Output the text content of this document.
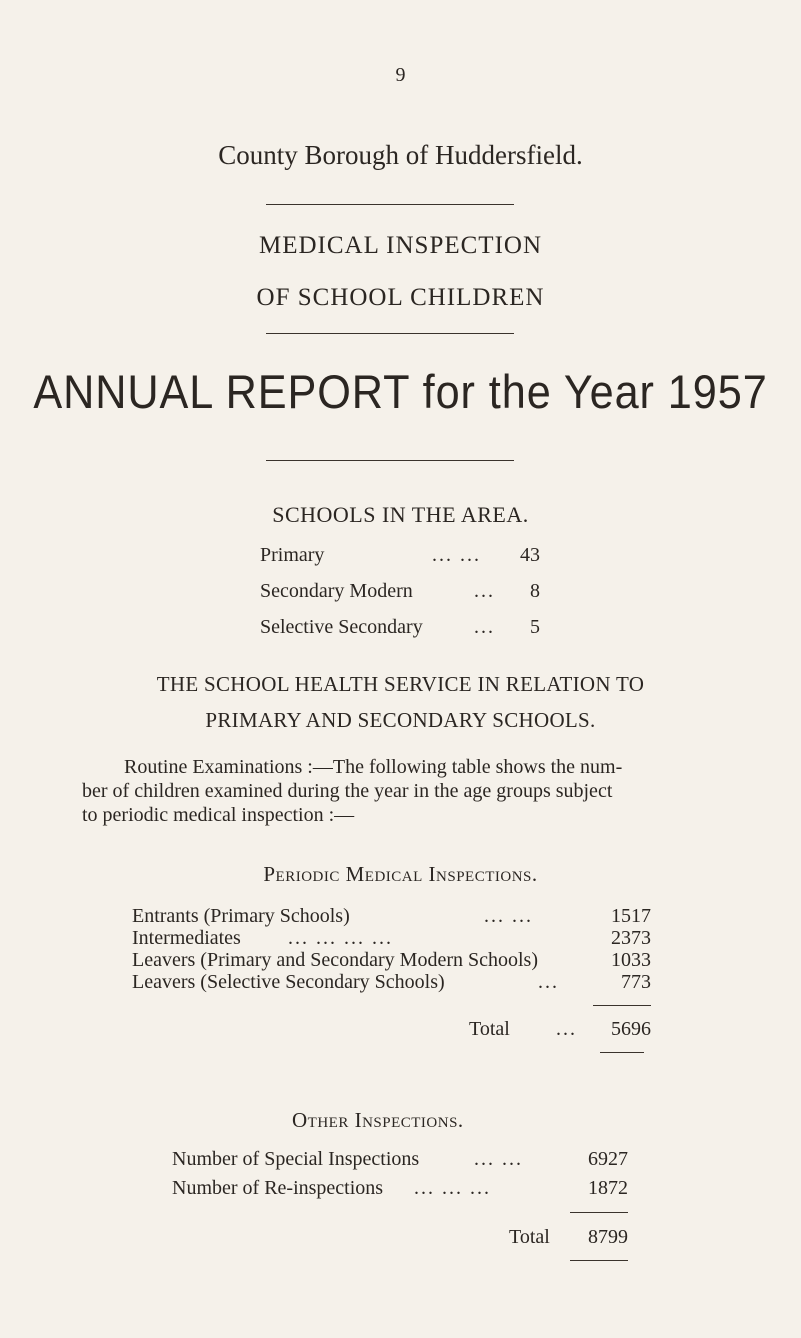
9
County Borough of Huddersfield.
MEDICAL INSPECTION
OF SCHOOL CHILDREN
ANNUAL REPORT for the Year 1957
SCHOOLS IN THE AREA.
Primary	... ...	43
Secondary Modern	...	8
Selective Secondary	...	5
THE SCHOOL HEALTH SERVICE IN RELATION TO
PRIMARY AND SECONDARY SCHOOLS.
Routine Examinations :—The following table shows the num-
ber of children examined during the year in the age groups subject
to periodic medical inspection :—
Periodic Medical Inspections.
Entrants (Primary Schools)	... ...	1517
Intermediates ... ... ... ...	2373
Leavers (Primary and Secondary Modern Schools)	1033
Leavers (Selective Secondary Schools)	...	773
Total ...	5696
Other Inspections.
Number of Special Inspections	... ...	6927
Number of Re-inspections ... ... ...	1872
Total	8799
